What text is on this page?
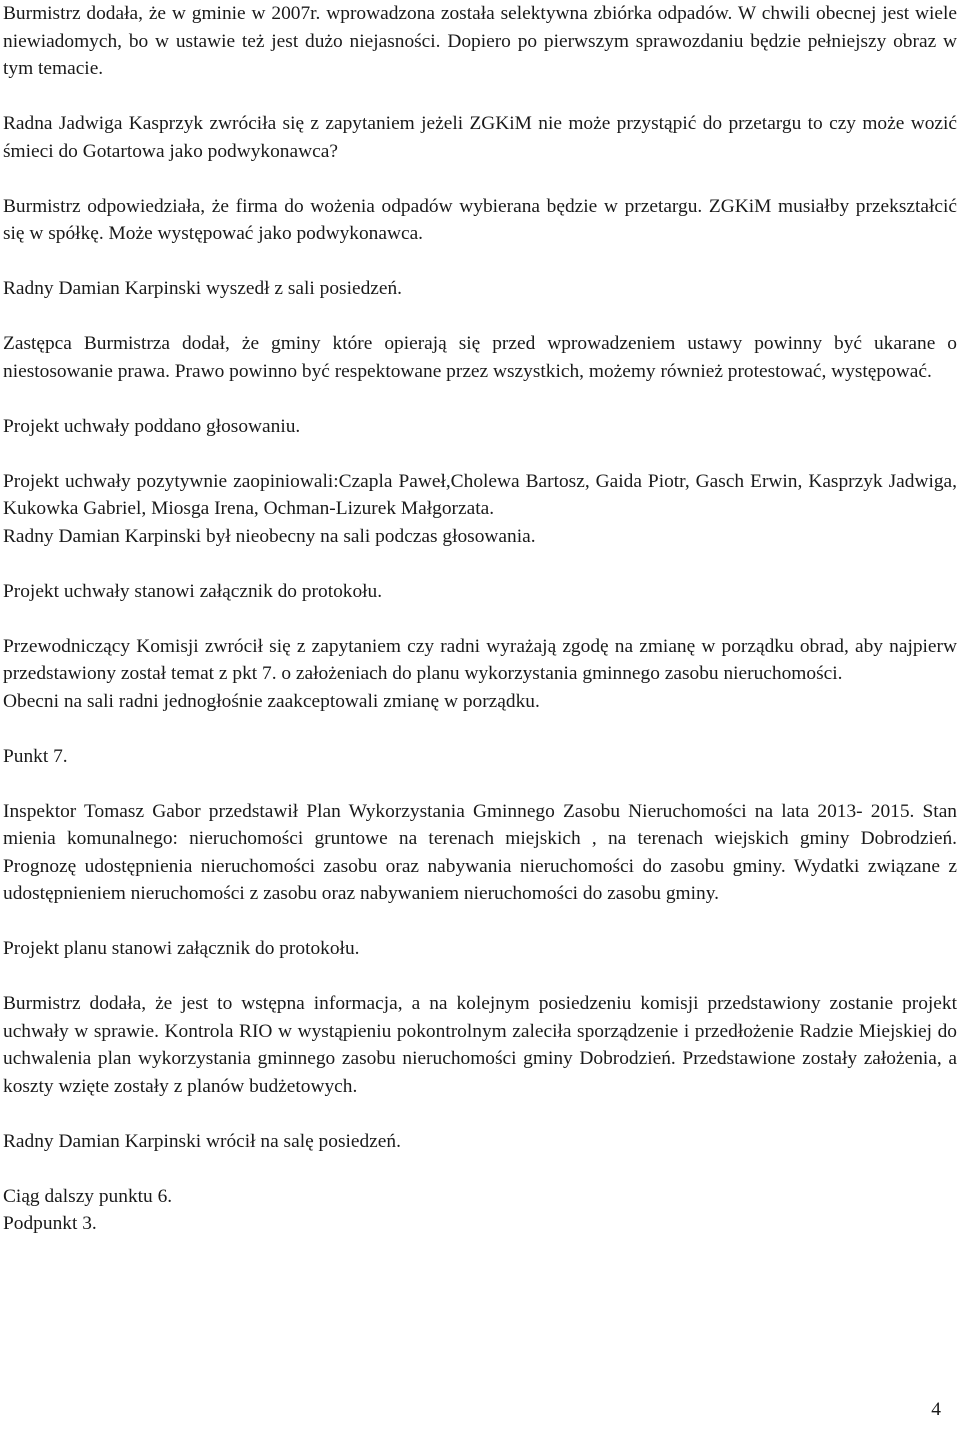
Burmistrz dodała, że w gminie w 2007r. wprowadzona została selektywna zbiórka odpadów. W chwili obecnej jest wiele niewiadomych, bo w ustawie też jest dużo niejasności. Dopiero po pierwszym sprawozdaniu będzie pełniejszy obraz w tym temacie.

Radna Jadwiga Kasprzyk zwróciła się z zapytaniem jeżeli ZGKiM nie może przystąpić do przetargu to czy może wozić śmieci do Gotartowa jako podwykonawca?

Burmistrz odpowiedziała, że firma do wożenia odpadów wybierana będzie w przetargu. ZGKiM musiałby przekształcić się w spółkę. Może występować jako podwykonawca.

Radny Damian Karpinski wyszedł z sali posiedzeń.

Zastępca Burmistrza dodał, że gminy które opierają się przed wprowadzeniem ustawy powinny być ukarane o niestosowanie prawa. Prawo powinno być respektowane przez wszystkich, możemy również protestować, występować.

Projekt uchwały poddano głosowaniu.

Projekt uchwały pozytywnie zaopiniowali:Czapla Paweł,Cholewa Bartosz, Gaida Piotr, Gasch Erwin, Kasprzyk Jadwiga, Kukowka Gabriel, Miosga Irena, Ochman-Lizurek Małgorzata.

Radny Damian Karpinski był nieobecny na sali podczas głosowania.

Projekt uchwały stanowi załącznik do protokołu.

Przewodniczący Komisji zwrócił się z zapytaniem czy radni wyrażają zgodę na zmianę w porządku obrad, aby najpierw przedstawiony został temat z pkt 7. o założeniach do planu wykorzystania gminnego zasobu nieruchomości.

Obecni na sali radni jednogłośnie zaakceptowali zmianę w porządku.

Punkt 7.

Inspektor Tomasz Gabor przedstawił Plan Wykorzystania Gminnego Zasobu Nieruchomości na lata 2013- 2015. Stan mienia komunalnego: nieruchomości gruntowe na terenach miejskich , na terenach wiejskich gminy Dobrodzień. Prognozę udostępnienia nieruchomości zasobu oraz nabywania nieruchomości do zasobu gminy. Wydatki związane z udostępnieniem nieruchomości z zasobu oraz nabywaniem nieruchomości do zasobu gminy.

Projekt planu stanowi załącznik do protokołu.

Burmistrz dodała, że jest to wstępna informacja, a na kolejnym posiedzeniu komisji przedstawiony zostanie projekt uchwały w sprawie. Kontrola RIO w wystąpieniu pokontrolnym zaleciła sporządzenie i przedłożenie Radzie Miejskiej do uchwalenia plan wykorzystania gminnego zasobu nieruchomości gminy Dobrodzień. Przedstawione zostały założenia, a koszty wzięte zostały z planów budżetowych.

Radny Damian Karpinski wrócił na salę posiedzeń.

Ciąg dalszy punktu 6.

Podpunkt 3.

4
